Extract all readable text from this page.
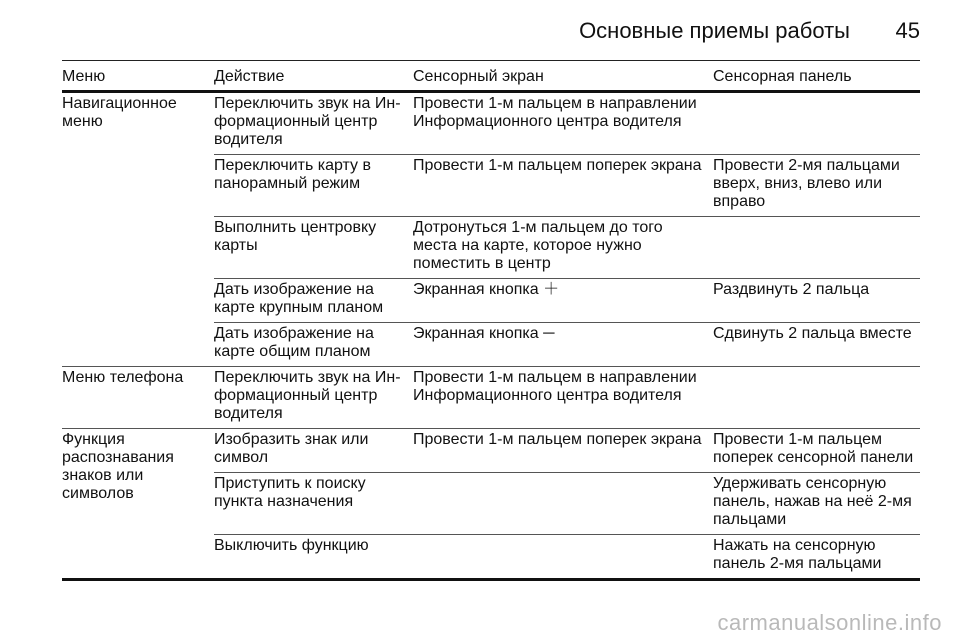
Основные приемы работы	45
Меню	Действие	Сенсорный экран	Сенсорная панель
Навигационное меню	Переключить звук на Ин-формационный центр водителя	Провести 1-м пальцем в направлении Информационного центра водителя	
	Переключить карту в панорамный режим	Провести 1-м пальцем поперек экрана	Провести 2-мя пальцами вверх, вниз, влево или вправо
	Выполнить центровку карты	Дотронуться 1-м пальцем до того места на карте, которое нужно поместить в центр	
	Дать изображение на карте крупным планом	Экранная кнопка ＋	Раздвинуть 2 пальца
	Дать изображение на карте общим планом	Экранная кнопка ─	Сдвинуть 2 пальца вместе
Меню телефона	Переключить звук на Ин-формационный центр водителя	Провести 1-м пальцем в направлении Информационного центра водителя	
Функция распознавания знаков или символов	Изобразить знак или символ	Провести 1-м пальцем поперек экрана	Провести 1-м пальцем поперек сенсорной панели
	Приступить к поиску пункта назначения		Удерживать сенсорную панель, нажав на неё 2-мя пальцами
	Выключить функцию		Нажать на сенсорную панель 2-мя пальцами
carmanualsonline.info
